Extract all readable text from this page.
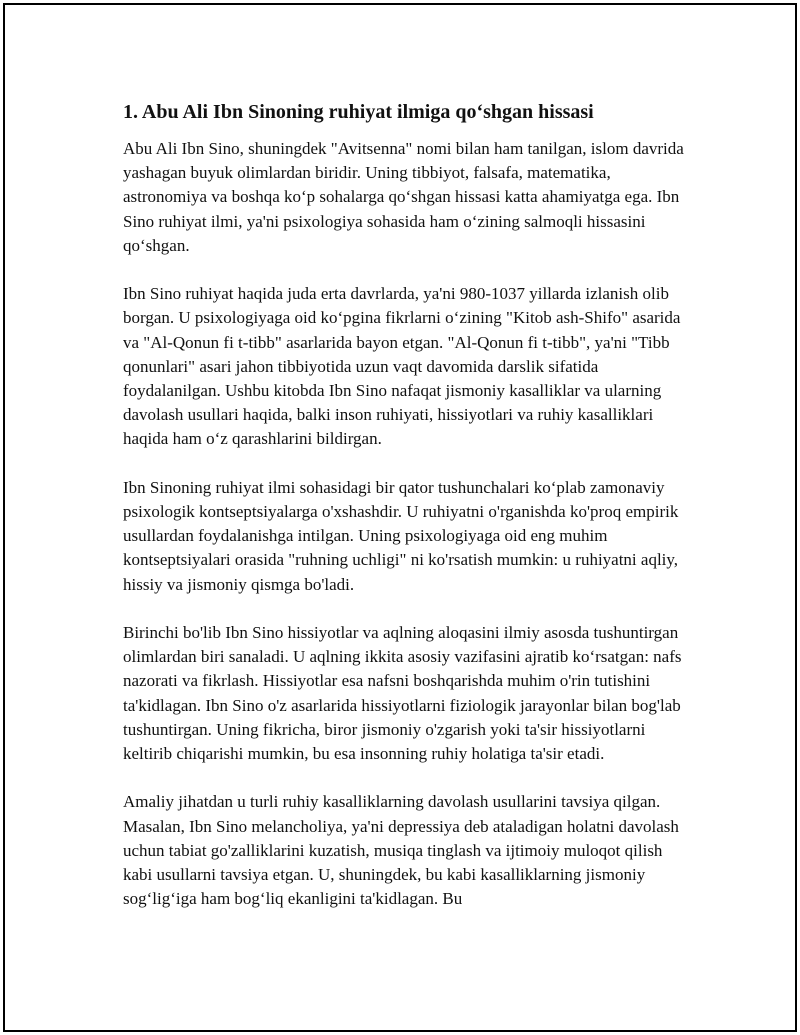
1. Abu Ali Ibn Sinoning ruhiyat ilmiga qo‘shgan hissasi

Abu Ali Ibn Sino, shuningdek "Avitsenna" nomi bilan ham tanilgan, islom davrida yashagan buyuk olimlardan biridir. Uning tibbiyot, falsafa, matematika, astronomiya va boshqa ko‘p sohalarga qo‘shgan hissasi katta ahamiyatga ega. Ibn Sino ruhiyat ilmi, ya'ni psixologiya sohasida ham o‘zining salmoqli hissasini qo‘shgan.

Ibn Sino ruhiyat haqida juda erta davrlarda, ya'ni 980-1037 yillarda izlanish olib borgan. U psixologiyaga oid ko‘pgina fikrlarni o‘zining "Kitob ash-Shifo" asarida va "Al-Qonun fi t-tibb" asarlarida bayon etgan. "Al-Qonun fi t-tibb", ya'ni "Tibb qonunlari" asari jahon tibbiyotida uzun vaqt davomida darslik sifatida foydalanilgan. Ushbu kitobda Ibn Sino nafaqat jismoniy kasalliklar va ularning davolash usullari haqida, balki inson ruhiyati, hissiyotlari va ruhiy kasalliklari haqida ham o‘z qarashlarini bildirgan.

Ibn Sinoning ruhiyat ilmi sohasidagi bir qator tushunchalari ko‘plab zamonaviy psixologik kontseptsiyalarga o'xshashdir. U ruhiyatni o'rganishda ko'proq empirik usullardan foydalanishga intilgan. Uning psixologiyaga oid eng muhim kontseptsiyalari orasida "ruhning uchligi" ni ko'rsatish mumkin: u ruhiyatni aqliy, hissiy va jismoniy qismga bo'ladi.

Birinchi bo'lib Ibn Sino hissiyotlar va aqlning aloqasini ilmiy asosda tushuntirgan olimlardan biri sanaladi. U aqlning ikkita asosiy vazifasini ajratib ko‘rsatgan: nafs nazorati va fikrlash. Hissiyotlar esa nafsni boshqarishda muhim o'rin tutishini ta'kidlagan. Ibn Sino o'z asarlarida hissiyotlarni fiziologik jarayonlar bilan bog'lab tushuntirgan. Uning fikricha, biror jismoniy o'zgarish yoki ta'sir hissiyotlarni keltirib chiqarishi mumkin, bu esa insonning ruhiy holatiga ta'sir etadi.

Amaliy jihatdan u turli ruhiy kasalliklarning davolash usullarini tavsiya qilgan. Masalan, Ibn Sino melancholiya, ya'ni depressiya deb ataladigan holatni davolash uchun tabiat go'zalliklarini kuzatish, musiqa tinglash va ijtimoiy muloqot qilish kabi usullarni tavsiya etgan. U, shuningdek, bu kabi kasalliklarning jismoniy sog‘lig‘iga ham bog‘liq ekanligini ta'kidlagan. Bu
